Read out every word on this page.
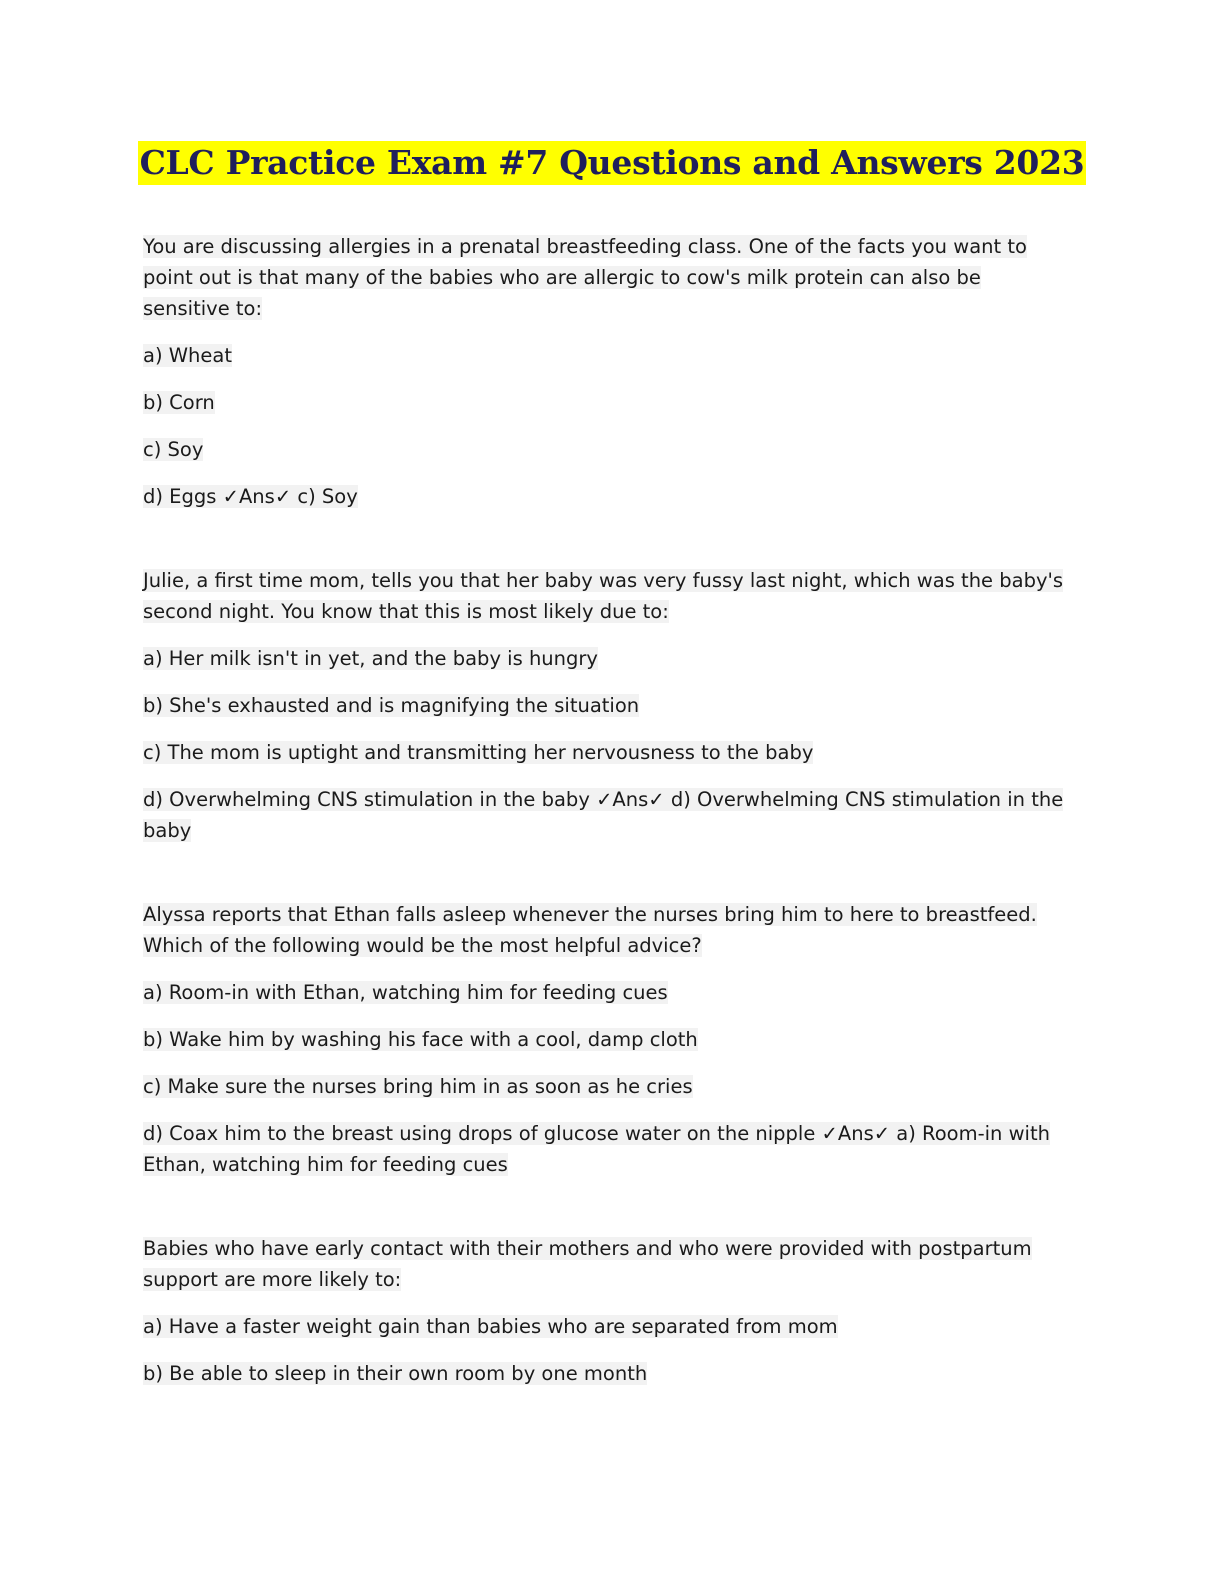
CLC Practice Exam #7 Questions and Answers 2023

You are discussing allergies in a prenatal breastfeeding class. One of the facts you want to point out is that many of the babies who are allergic to cow's milk protein can also be sensitive to:

a) Wheat

b) Corn

c) Soy

d) Eggs ✓Ans✓ c) Soy

Julie, a first time mom, tells you that her baby was very fussy last night, which was the baby's second night. You know that this is most likely due to:

a) Her milk isn't in yet, and the baby is hungry

b) She's exhausted and is magnifying the situation

c) The mom is uptight and transmitting her nervousness to the baby

d) Overwhelming CNS stimulation in the baby ✓Ans✓ d) Overwhelming CNS stimulation in the baby

Alyssa reports that Ethan falls asleep whenever the nurses bring him to here to breastfeed. Which of the following would be the most helpful advice?

a) Room-in with Ethan, watching him for feeding cues

b) Wake him by washing his face with a cool, damp cloth

c) Make sure the nurses bring him in as soon as he cries

d) Coax him to the breast using drops of glucose water on the nipple ✓Ans✓ a) Room-in with Ethan, watching him for feeding cues

Babies who have early contact with their mothers and who were provided with postpartum support are more likely to:

a) Have a faster weight gain than babies who are separated from mom

b) Be able to sleep in their own room by one month
